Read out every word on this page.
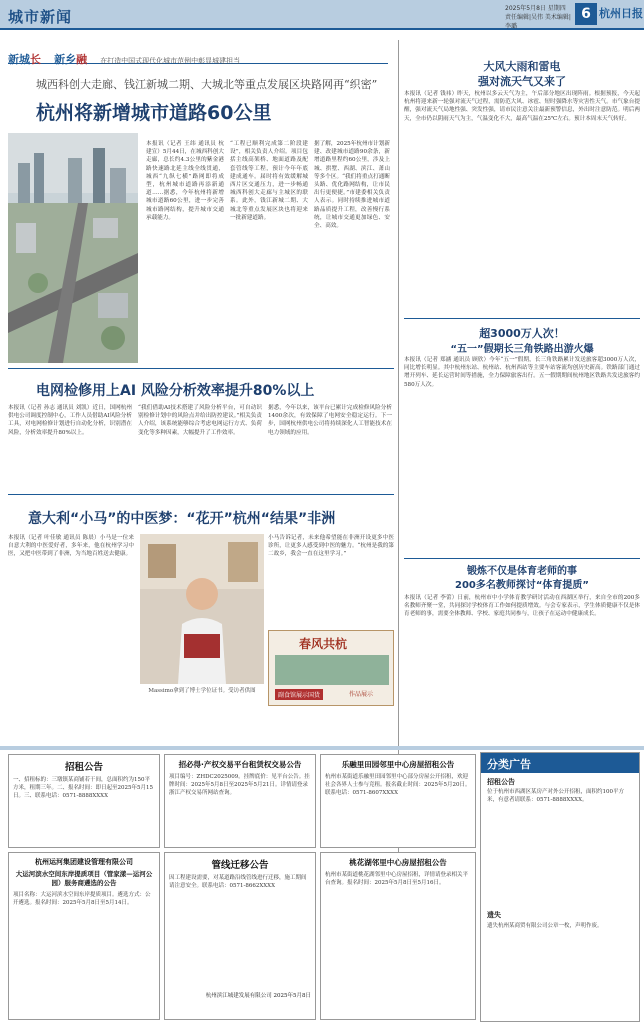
城市新闻	2025年5月8日 星期四
责任编辑|吴伟 美术编辑|李璐
6 杭州日报
新城长 新乡融 在打造中国式现代化城市范例中彰显城建担当
城西科创大走廊、钱江新城二期、大城北等重点发展区块路网再“织密”
杭州将新增城市道路60公里
本报讯（记者 王纬 通讯员 杭建宣）5月44日，在城西科创大走廊，总长约4.3公里的紫金港路快速路北延主线全线贯通，城西“九纵七横”路网即将成型，杭州城市道路再添新通道……据悉，今年杭州将新增城市道路60公里，进一步完善城市路网结构，提升城市交通承载能力。
“工程已顺利完成第二阶段建设”，相关负责人介绍。项目包括主线高架桥、地面道路及配套管线等工程，预计今年年底建成通车。届时将有效缓解城西片区交通压力，进一步畅通城西科创大走廊与主城区的联系。此外，钱江新城二期、大城北等重点发展区块也将迎来一批新建道路。
据了解，2025年杭州市计划新建、改建城市道路90余条，新增道路里程约60公里，涉及上城、拱墅、西湖、滨江、萧山等多个区。“我们将重点打通断头路、优化路网结构，让市民出行更便捷。”市建委相关负责人表示。同时持续推进城市道路品质提升工程，改善慢行系统，让城市交通更加绿色、安全、高效。
电网检修用上AI 风险分析效率提升80%以上
本报讯（记者 孙志 通讯员 刘凯）近日，国网杭州供电公司调度控制中心，工作人员借助AI风险分析工具，对电网检修计划进行自动化分析，识别潜在风险，分析效率提升80%以上。
“我们借助AI技术搭建了风险分析平台，可自动识别检修计划中的风险点并给出防控建议。”相关负责人介绍，该系统能够综合考虑电网运行方式、负荷变化等多种因素，大幅提升了工作效率。
据悉，今年以来，该平台已累计完成检修风险分析1400余次，有效保障了电网安全稳定运行。下一步，国网杭州供电公司将持续深化人工智能技术在电力领域的应用。
意大利“小马”的中医梦：“花开”杭州“结果”非洲
本报讯（记者 叶佳敏 通讯员 陈晨）小马是一位来自意大利的中医爱好者，多年来，他在杭州学习中医，又把中医带到了非洲，为当地百姓送去健康。
Massimo拿到了博士学位证书。受访者供图
小马告诉记者，未来他希望能在非洲开设更多中医诊所，让更多人感受到中医的魅力。“杭州是我的第二故乡，我会一直在这里学习。”
春风共杭
副食馆展示国货	作品展示
大风大雨和雷电
强对流天气又来了
本报讯（记者 钱祎）昨天，杭州以多云天气为主，午后部分地区出现阵雨。根据预报，今天起杭州将迎来新一轮强对流天气过程，需防范大风、冰雹、短时强降水等灾害性天气。市气象台提醒，强对流天气局地性强、突发性强，请市民注意关注最新预警信息，外出时注意防范。明后两天，全市仍以阴雨天气为主，气温变化不大，最高气温在25℃左右。预计本周末天气转好。
超3000万人次！
“五一”假期长三角铁路出游火爆
本报讯（记者 郑涵 通讯员 顾欣）今年“五一”假期，长三角铁路累计发送旅客超3000万人次，同比增长明显。其中杭州东站、杭州站、杭州西站等主要车站客流均创历史新高。铁路部门通过增开列车、延长运营时间等措施，全力保障旅客出行。五一假期期间杭州地区铁路共发送旅客约580万人次。
锻炼不仅是体育老师的事
200多名教师探讨“体育提质”
本报讯（记者 李蕾）日前，杭州市中小学体育教学研讨活动在西湖区举行，来自全市的200多名教师齐聚一堂，共同探讨学校体育工作如何提质增效。与会专家表示，学生体质健康不仅是体育老师的事，需要全体教师、学校、家庭共同参与，让孩子在运动中健康成长。
招租公告
一、招租标的：三墩镇某商铺若干间，总面积约为150平方米，租期三年。二、报名时间：即日起至2025年5月15日。三、联系电话：0571-8888XXXX
招必得·产权交易平台租赁权交易公告
项目编号：ZHDC2025009。挂牌底价：见平台公告。挂牌时间：2025年5月8日至2025年5月21日。详情请登录浙江产权交易所网站查询。
乐融里田园邻里中心房屋招租公告
杭州市某街道乐融里田园邻里中心部分房屋公开招租，欢迎社会各界人士参与竞租。报名截止时间：2025年5月20日。联系电话：0571-8607XXXX
分类广告
招租公告
位于杭州市西湖区某房产对外公开招租，面积约100平方米，有意者请联系：0571-8888XXXX。
遗失
遗失杭州某商贸有限公司公章一枚，声明作废。
杭州运河集团建设管理有限公司
大运河滨水空间东岸提质项目（管家漾—运河公园）服务商遴选的公告
项目名称：大运河滨水空间东岸提质项目。遴选方式：公开遴选。报名时间：2025年5月8日至5月14日。
管线迁移公告
因工程建设需要，对某道路沿线管线进行迁移，施工期间请注意安全。联系电话：0571-8662XXXX
杭州滨江城建发展有限公司 2025年5月8日
桃花湖邻里中心房屋招租公告
杭州市某街道桃花湖邻里中心房屋招租，详情请登录相关平台查询。报名时间：2025年5月8日至5月16日。
